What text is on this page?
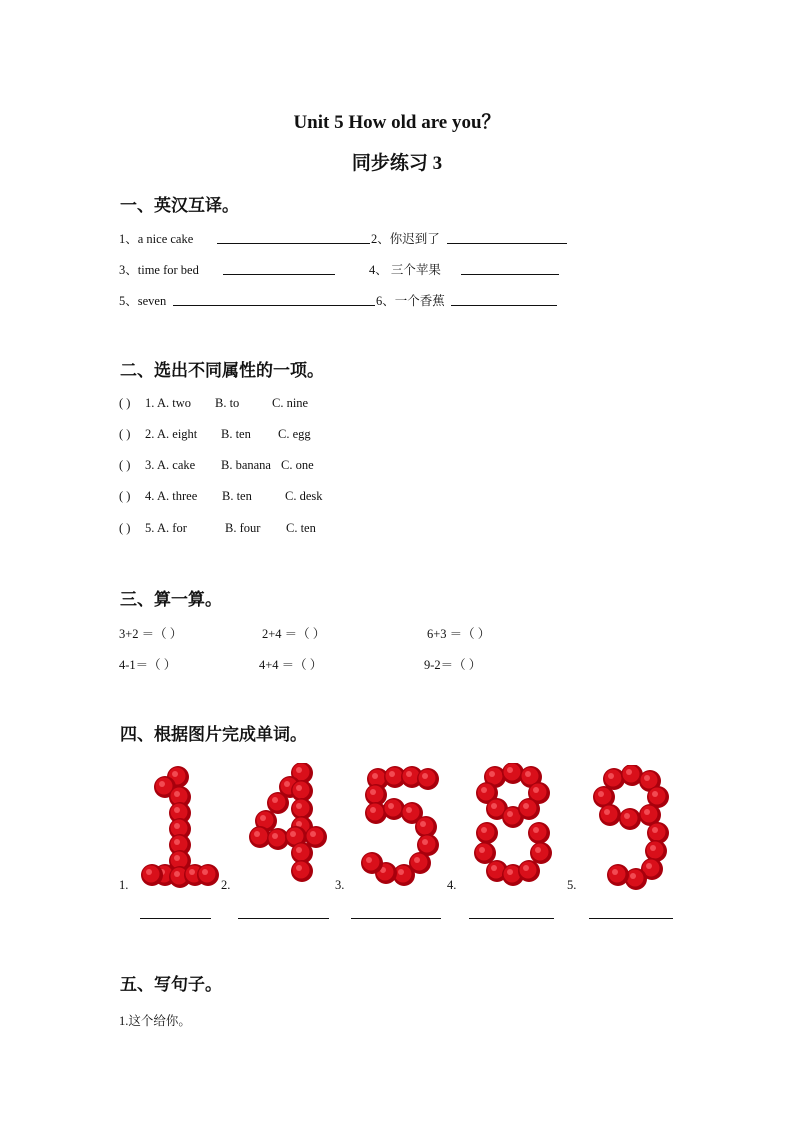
Unit 5 How old are you？
同步练习 3
一、英汉互译。
1、a nice cake	2、你迟到了
3、time for bed	4、 三个苹果
5、seven	6、一个香蕉
二、选出不同属性的一项。
( ) 1. A. two B. to	C. nine
( ) 2. A. eight B. ten C. egg
( ) 3. A. cake B. banana C. one
( ) 4. A. three B. ten	C. desk
( ) 5. A. for	B. four C. ten
三、算一算。
3+2 ＝（ ）	2+4 ＝（ ）	6+3 ＝（ ）
4-1＝（ ）	4+4 ＝（ ）	9-2＝（ ）
四、根据图片完成单词。
1.	2.	3.	4.	5.
五、写句子。
1.这个给你。
